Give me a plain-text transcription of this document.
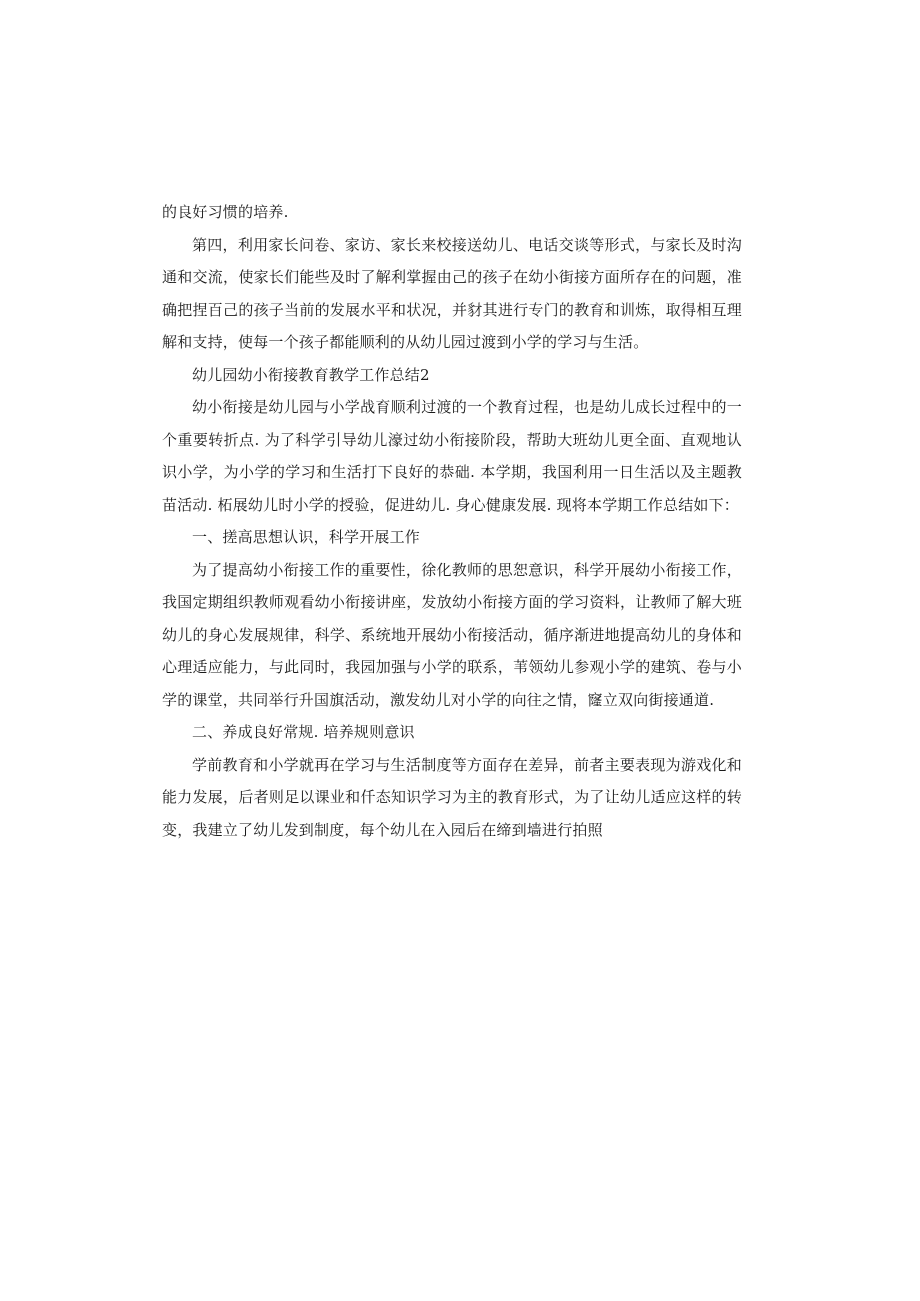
的良好习惯的培养.

第四，利用家长问卷、家访、家长来校接送幼儿、电话交谈等形式，与家长及时沟通和交流，使家长们能些及时了解利掌握由己的孩子在幼小街接方面所存在的问题，准确把捏百己的孩子当前的发展水平和状况，并豺其进行专门的教育和训炼，取得相互理解和支持，使每一个孩子都能顺利的从幼儿园过渡到小学的学习与生活。

幼儿园幼小衔接教育教学工作总结2

幼小衔接是幼儿园与小学战育顺利过渡的一个教育过程，也是幼儿成长过程中的一个重要转折点. 为了科学引导幼儿濠过幼小衔接阶段，帮助大班幼儿更全面、直观地认识小学，为小学的学习和生活打下良好的恭础. 本学期，我国利用一日生活以及主题教苗活动. 柘展幼儿时小学的授验，促进幼儿. 身心健康发展. 现将本学期工作总结如下：

一、搓高思想认识，科学开展工作

为了提高幼小衔接工作的重要性，徐化教师的思恕意识，科学开展幼小衔接工作，我国定期组织教师观看幼小衔接讲座，发放幼小衔接方面的学习资料，让教师了解大班幼儿的身心发展规律，科学、系统地开展幼小衔接活动，循序渐进地提高幼儿的身体和心理适应能力，与此同时，我园加强与小学的联系，苇领幼儿参观小学的建筑、卷与小学的课堂，共同举行升国旗活动，激发幼儿对小学的向往之情，窿立双向街接通道.

二、养成良好常规. 培养规则意识

学前教育和小学就再在学习与生活制度等方面存在差异，前者主要表现为游戏化和能力发展，后者则足以课业和仟态知识学习为主的教育形式，为了让幼儿适应这样的转变，我建立了幼儿发到制度，每个幼儿在入园后在缔到墙进行拍照
